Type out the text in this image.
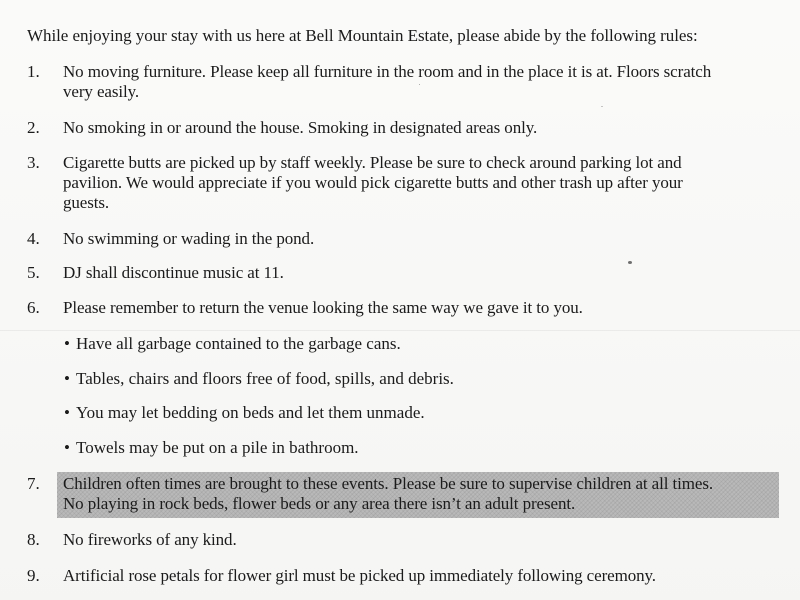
While enjoying your stay with us here at Bell Mountain Estate, please abide by the following rules:
1. No moving furniture. Please keep all furniture in the room and in the place it is at. Floors scratch
very easily.
2. No smoking in or around the house. Smoking in designated areas only.
3. Cigarette butts are picked up by staff weekly. Please be sure to check around parking lot and
pavilion. We would appreciate if you would pick cigarette butts and other trash up after your
guests.
4. No swimming or wading in the pond.
5. DJ shall discontinue music at 11.
6. Please remember to return the venue looking the same way we gave it to you.
• Have all garbage contained to the garbage cans.
• Tables, chairs and floors free of food, spills, and debris.
• You may let bedding on beds and let them unmade.
• Towels may be put on a pile in bathroom.
7. Children often times are brought to these events. Please be sure to supervise children at all times.
No playing in rock beds, flower beds or any area there isn’t an adult present.
8. No fireworks of any kind.
9. Artificial rose petals for flower girl must be picked up immediately following ceremony.
